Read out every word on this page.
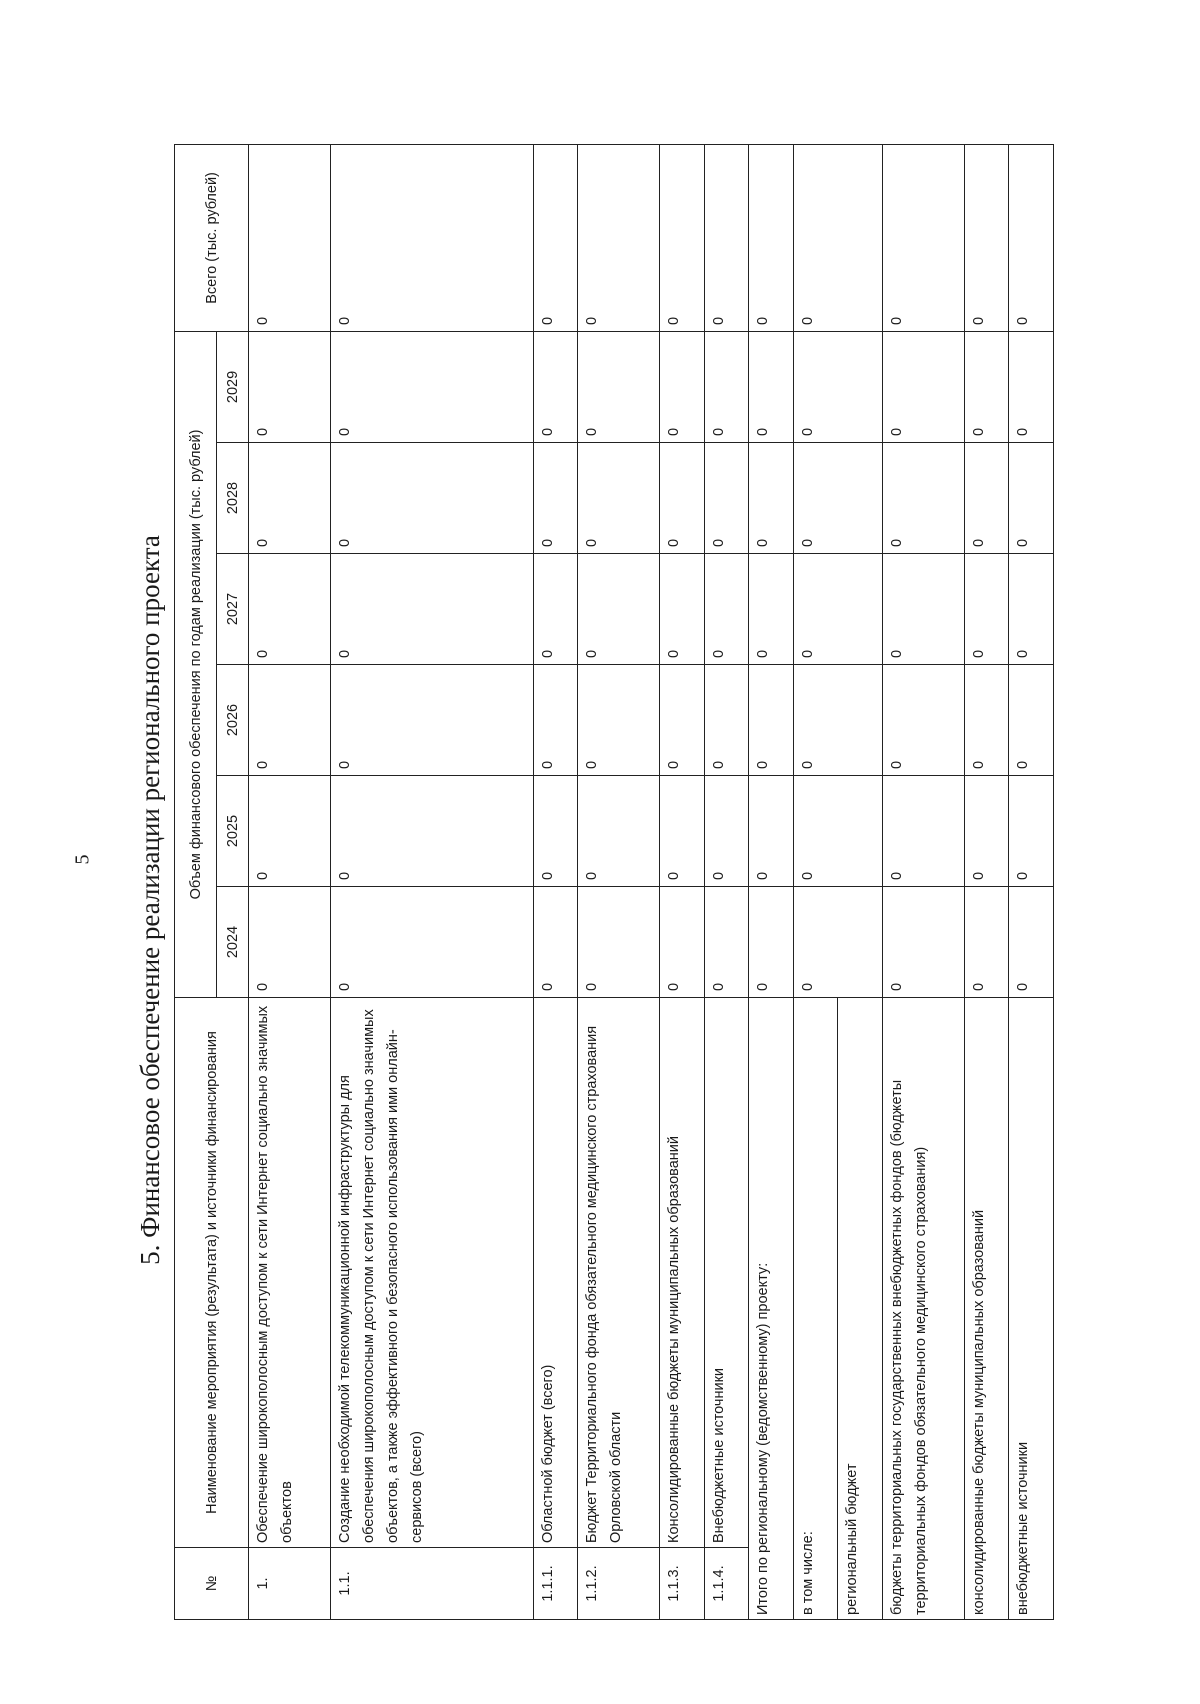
5 5. Финансовое обеспечение реализации регионального проекта
№	Наименование мероприятия (результата) и источники финансирования	Объем финансового обеспечения по годам реализации (тыс. рублей)						Всего (тыс. рублей)
		2024	2025	2026	2027	2028	2029	
1.	Обеспечение широкополосным доступом к сети Интернет социально значимых объектов	0	0	0	0	0	0	0
1.1.	Создание необходимой телекоммуникационной инфраструктуры для обеспечения широкополосным доступом к сети Интернет социально значимых объектов, а также эффективного и безопасного использования ими онлайн-сервисов (всего)	0	0	0	0	0	0	0
1.1.1.	Областной бюджет (всего)	0	0	0	0	0	0	0
1.1.2.	Бюджет Территориального фонда обязательного медицинского страхования Орловской области	0	0	0	0	0	0	0
1.1.3.	Консолидированные бюджеты муниципальных образований	0	0	0	0	0	0	0
1.1.4.	Внебюджетные источники	0	0	0	0	0	0	0
Итого по региональному (ведомственному) проекту:		0	0	0	0	0	0	0
в том числе:		0	0	0	0	0	0	0
региональный бюджет								
бюджеты территориальных государственных внебюджетных фондов (бюджеты территориальных фондов обязательного медицинского страхования)		0	0	0	0	0	0	0
консолидированные бюджеты муниципальных образований		0	0	0	0	0	0	0
внебюджетные источники		0	0	0	0	0	0	0
